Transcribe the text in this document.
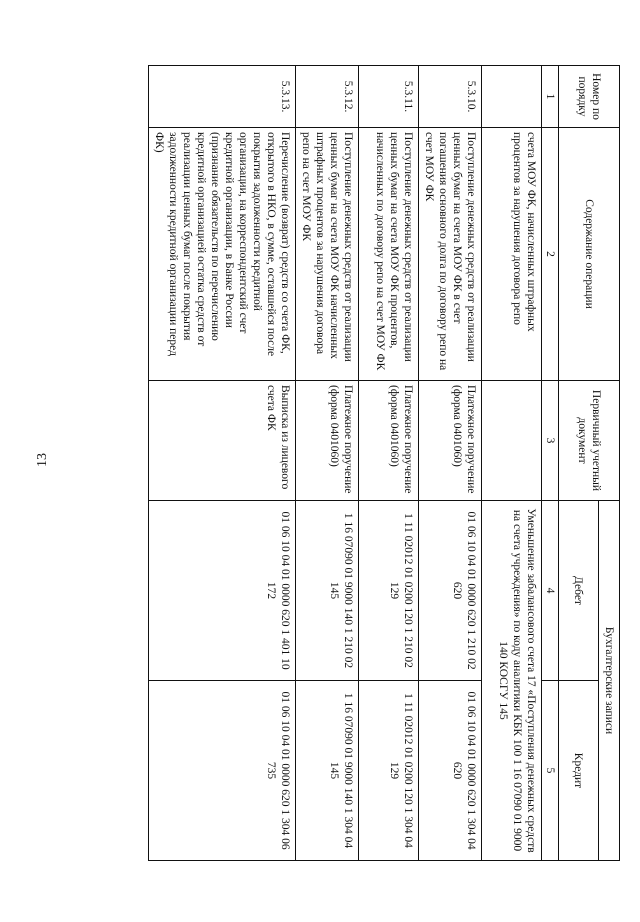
13
Номер по порядку	Содержание операции	Первичный учетный документ	Бухгалтерские записи	
			Дебет	Кредит
1	2	3	4	5
	счета МОУ ФК, начисленных штрафных процентов за нарушения договора репо		Уменьшение забалансового счета 17 «Поступления денежных средств на счета учреждения» по коду аналитики КБК 100 1 16 07090 01 9000 140 КОСГУ 145	
5.3.10.	Поступление денежных средств от реализации ценных бумаг на счета МОУ ФК в счет погашения основного долга по договору репо на счет МОУ ФК	Платежное поручение (форма 0401060)	01 06 10 04 01 0000 620 1 210 02 620	01 06 10 04 01 0000 620 1 304 04 620
5.3.11.	Поступление денежных средств от реализации ценных бумаг на счета МОУ ФК процентов, начисленных по договору репо на счет МОУ ФК	Платежное поручение (форма 0401060)	1 11 02012 01 0200 120 1 210 02 129	1 11 02012 01 0200 120 1 304 04 129
5.3.12.	Поступление денежных средств от реализации ценных бумаг на счета МОУ ФК начисленных штрафных процентов за нарушения договора репо на счет МОУ ФК	Платежное поручение (форма 0401060)	1 16 07090 01 9000 140 1 210 02 145	1 16 07090 01 9000 140 1 304 04 145
5.3.13.	Перечисление (возврат) средств со счета ФК, открытого в НКО, в сумме, оставшейся после покрытия задолженности кредитной организации, на корреспондентский счет кредитной организации, в Банке России (признание обязательств по перечислению кредитной организацией остатка средств от реализации ценных бумаг после покрытия задолженности кредитной организации перед ФК)	Выписка из лицевого счета ФК	01 06 10 04 01 0000 620 1 401 10 172	01 06 10 04 01 0000 620 1 304 06 735
